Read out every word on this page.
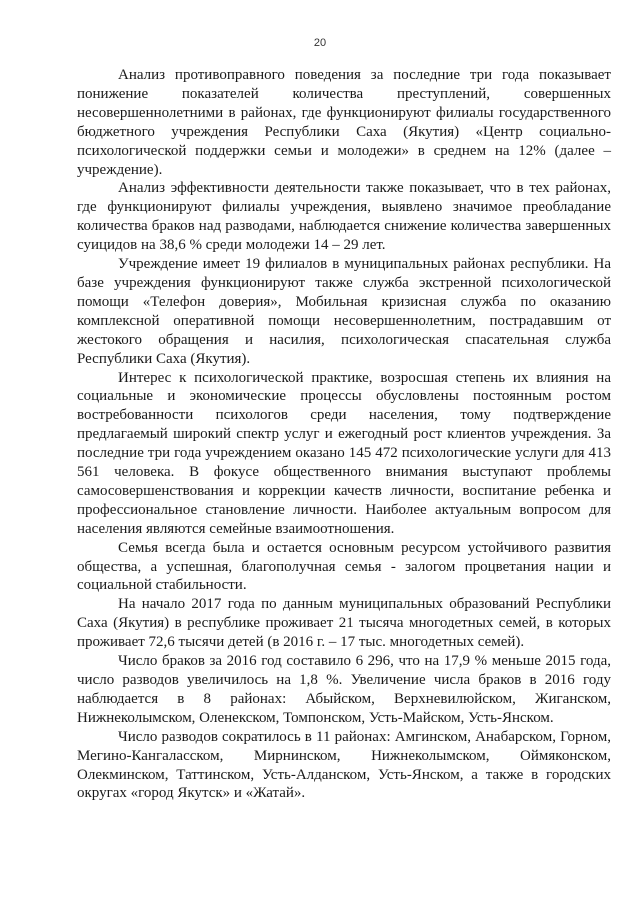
20

Анализ противоправного поведения за последние три года показывает понижение показателей количества преступлений, совершенных несовершеннолетними в районах, где функционируют филиалы государственного бюджетного учреждения Республики Саха (Якутия) «Центр социально-психологической поддержки семьи и молодежи» в среднем на 12% (далее – учреждение).

Анализ эффективности деятельности также показывает, что в тех районах, где функционируют филиалы учреждения, выявлено значимое преобладание количества браков над разводами, наблюдается снижение количества завершенных суицидов на 38,6 % среди молодежи 14 – 29 лет.

Учреждение имеет 19 филиалов в муниципальных районах республики. На базе учреждения функционируют также служба экстренной психологической помощи «Телефон доверия», Мобильная кризисная служба по оказанию комплексной оперативной помощи несовершеннолетним, пострадавшим от жестокого обращения и насилия, психологическая спасательная служба Республики Саха (Якутия).

Интерес к психологической практике, возросшая степень их влияния на социальные и экономические процессы обусловлены постоянным ростом востребованности психологов среди населения, тому подтверждение предлагаемый широкий спектр услуг и ежегодный рост клиентов учреждения. За последние три года учреждением оказано 145 472 психологические услуги для 413 561 человека. В фокусе общественного внимания выступают проблемы самосовершенствования и коррекции качеств личности, воспитание ребенка и профессиональное становление личности. Наиболее актуальным вопросом для населения являются семейные взаимоотношения.

Семья всегда была и остается основным ресурсом устойчивого развития общества, а успешная, благополучная семья - залогом процветания нации и социальной стабильности.

На начало 2017 года по данным муниципальных образований Республики Саха (Якутия) в республике проживает 21 тысяча многодетных семей, в которых проживает 72,6 тысячи детей (в 2016 г. – 17 тыс. многодетных семей).

Число браков за 2016 год составило 6 296, что на 17,9 % меньше 2015 года, число разводов увеличилось на 1,8 %. Увеличение числа браков в 2016 году наблюдается в 8 районах: Абыйском, Верхневилюйском, Жиганском, Нижнеколымском, Оленекском, Томпонском, Усть-Майском, Усть-Янском.

Число разводов сократилось в 11 районах: Амгинском, Анабарском, Горном, Мегино-Кангаласском, Мирнинском, Нижнеколымском, Оймяконском, Олекминском, Таттинском, Усть-Алданском, Усть-Янском, а также в городских округах «город Якутск» и «Жатай».
